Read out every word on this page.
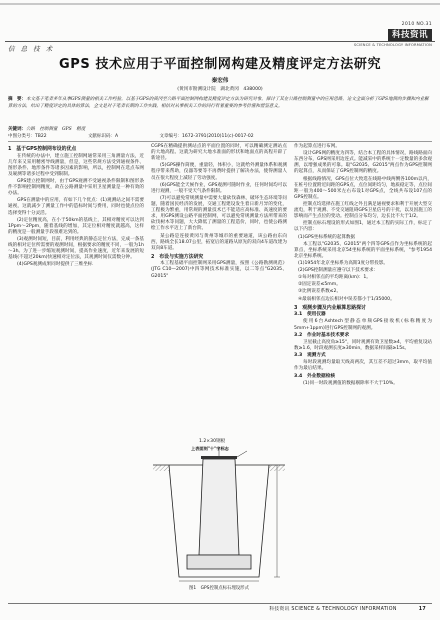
2010 NO.31
科技资讯
SCIENCE & TECHNOLOGY INFORMATION
信 息 技 术
GPS 技术应用于平面控制网构建及精度评定方法研究
秦宏伟
(黄冈市勘测设计院　湖北黄冈　438000)
摘　要：本文基于笔者多年从事GPS测量的相关工作经验，以基于GPS的黄冈至公路平面控制网构建及精度评定方法为研究对象，探讨了其在公路控制测量中的应用思路，论文全面分析了GPS地测的步骤和内业解算的方法，给出了精度评定的具体的算法，全文是对于笔者长期的工作实践，相信对从事相关工作的同行有着重要的参考价值和借鉴意义。
关键词：公路　控制测量　GPS　精度
中图分类号：TB22	文献标识码：A	文章编号：1672-3791(2010)11(c)-0017-02
1　基于GPS控制网布设的优点

在传统的办法中，建立施工控制网通常采用三角测量方法，近几年来又采用精密导线测量，但是，这些常规方法受到通视条件、图形条件、地形条件等诸多因素的影响，所以，控制网在选点布网及觇测等诸多过程中受到限制。

GPS建立控制网时，由于GPS观测不受通视条件限制和图形条件不影响控制网精度，故在公路测量中采用卫星测量是一种有效的办法。

GPS在测量中的应用，有如下几个优点：(1)观测站之间不需要通视，这就减少了测量工作中的造标时间与费用，同时也使点位的选择变得十分灵活。

(2)定位精度高，在小于50km的基线上，其相对精度可以达到1Ppm～2Ppm，随着基线的增加，其定位相对精度就越高，这样的精度是一般测量手段很难达到的。

(3)观测时间短，目前，利用经典的静态定位方法，完成一条基线的相对定位所需要的观测时间，根据要求的精度不同，一般为1h～3h。为了进一步缩短观测时间，提高作业速度，近年来发展的短基线(不超过20km)快速相对定位法，其观测时间仅需数分钟。

(4)GPS观测成果同时提供了三维坐标

CGPS在精确提供测站点的平面位置的同时，可以精确测定测站点的大地高程。这就为研究大地水准面的形状和地面点的高程开辟了新途径。

(5)GPS操作简便，重量轻，体积小，这就给外测量体系和观测程序带来帮助，仪器等要等不再费时提供了解决办法，使得测量人员在很大程度上减轻了劳动强度。

(6)GPS能全天候作业，GPS观测可随时作业，任何时间均可以进行观测，一般不受天气条件限制。

(7)可以避免常规测量中需要大量砍伐森林，破坏生态环境等问题，随着国民经济的发展，交通工程建设发生着日新月异的变化，工程极为繁重，用常规的测量技术已不能适应高标准、高速度的要求，用GPS测设公路平面控制网，可以避免常规测量方法所带来的砍伐树木等问题，大大降低了测量的工程造价，同时，也使公路测绘工作水平迈上了新台阶。

某公路是连接黄冈与黄州等城市的重要通道，该公路由东向西，路线全长18.07公里，拓宽后的道路从原先的双向4车道改建为双向8车道。

2　布设与实施方法研究

本工程基础平面控制网采用GPS测量，按照《公路勘测规范》(JTG C10—2007)中四等网技术标准实施，以二等点"G2035、G2015"

1.2×30钢板
上表面刻"十"字标志
图1　GPS控制点标石埋设形式

作为起算点进行布网。

设计GPS网的精度为四等，结合本工程的具体情况，路线路面向东西分布，GPS网采用边连式。能减采中的系统十一定数量的多余观测，以增强成果的可靠。取"G2035、G2015"两点作为GPS控制网的起算点，从而保证了GPS控制网的精度。

根据线路情况，GPS点位大致选在线路中线两侧各100m以内，在桩号位置附近间距的GPS点，点位间距均匀，地质稳定等，点位间距一般为400～500米左右布设1对GPS点，全线共布设107点的GPS控制点。

控制点均选择在施工红线之外且满足通视要求和利于开展大型交流电，利于观测、不受交通阻碍GPS卫星信号的干扰，以及因施工的影响而产生点位的变动。控制点分布均匀，边长比不大于1/2。

控制点标石埋设的形式如图1，通过本工程的实际工作，标定了以下内容：

(1)GPS坐标系统的起算数据

本工程以"G2035、G2015"两个四等GPS点作为坐标系统的起算点，坐标系统采用北京54坐标系统的平面坐标系统，"参考1954北京坐标系统。

(1)1954年北京坐标系为高斯3度分带投影。

(2)GPS控制测量应遵守以下技术要求：

①每对相邻点的平均距离(km)：1。

②固定误差≤5mm。

③比例误差系数≤2。

④最弱相邻点边长相对中误差都小于1/35000。

3　观测步骤及内业解算思路探讨
3.1　使用仪器

使用6台Ashtech型静态单频GPS接收机(标称精度为5mm+1ppm)进行GPS控制网的观测。

3.2　作业时基本技术要求

卫星截止高度角≥15°，同时观测有效卫星数≥4，平均重复设站数≥1.6，时段观测长度≥30min，数据采样间隔≥15s。

3.3　观测方式

每时段观测均量取天线高两次，其互差不超过3mm，取平均值作为最后结果。

3.4　外业数据检核

(1)同一时段观测值的数据剔除率不大于10%。

科技资讯 SCIENCE & TECHNOLOGY INFORMATION	17
